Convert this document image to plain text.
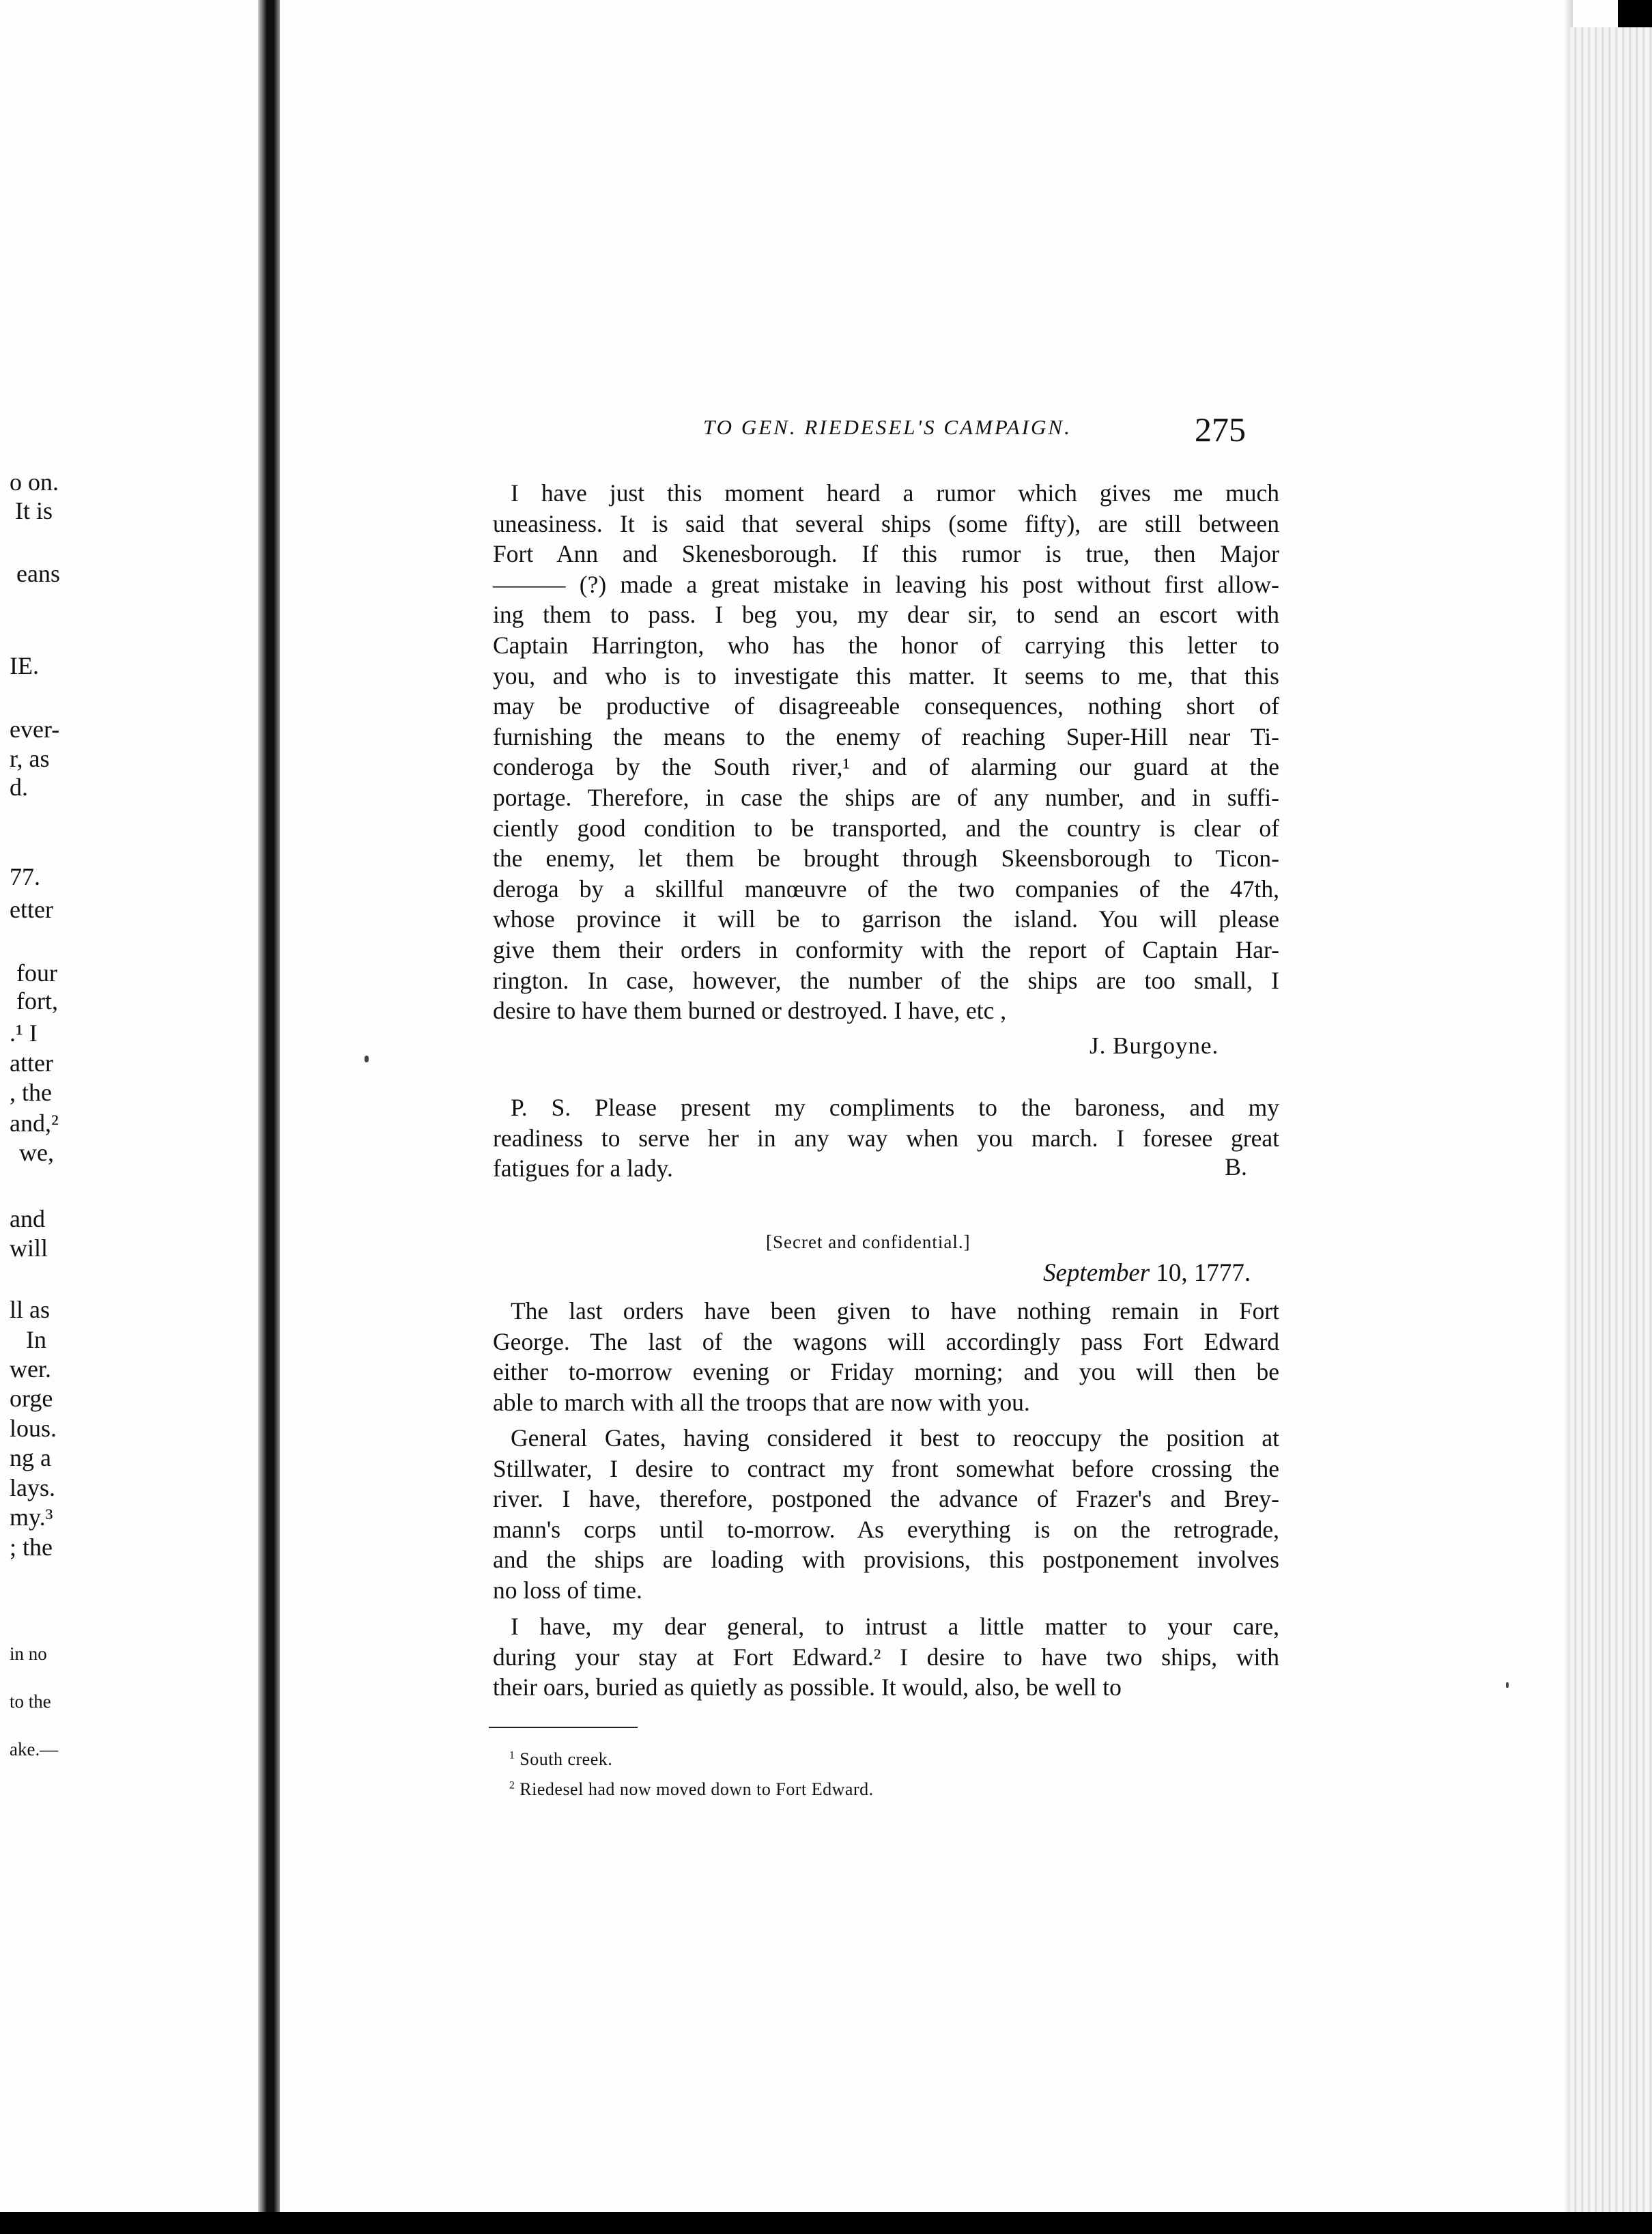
o on.
It is
eans
IE.
ever-
r, as
d.
77.
etter
four
fort,
.¹ I
atter
, the
and,²
we,
and
will
ll as
In
wer.
orge
lous.
ng a
lays.
my.³
; the
in no
to the
ake.—
TO GEN. RIEDESEL'S CAMPAIGN.	275
I have just this moment heard a rumor which gives me much
uneasiness. It is said that several ships (some fifty), are still between
Fort Ann and Skenesborough. If this rumor is true, then Major
——— (?) made a great mistake in leaving his post without first allow-
ing them to pass. I beg you, my dear sir, to send an escort with
Captain Harrington, who has the honor of carrying this letter to
you, and who is to investigate this matter. It seems to me, that this
may be productive of disagreeable consequences, nothing short of
furnishing the means to the enemy of reaching Super-Hill near Ti-
conderoga by the South river,¹ and of alarming our guard at the
portage. Therefore, in case the ships are of any number, and in suffi-
ciently good condition to be transported, and the country is clear of
the enemy, let them be brought through Skeensborough to Ticon-
deroga by a skillful manœuvre of the two companies of the 47th,
whose province it will be to garrison the island. You will please
give them their orders in conformity with the report of Captain Har-
rington. In case, however, the number of the ships are too small, I
desire to have them burned or destroyed. I have, etc ,
J. Burgoyne.
P. S. Please present my compliments to the baroness, and my
readiness to serve her in any way when you march. I foresee great
fatigues for a lady.	B.
[Secret and confidential.]
September 10, 1777.
The last orders have been given to have nothing remain in Fort
George. The last of the wagons will accordingly pass Fort Edward
either to-morrow evening or Friday morning; and you will then be
able to march with all the troops that are now with you.
General Gates, having considered it best to reoccupy the position at
Stillwater, I desire to contract my front somewhat before crossing the
river. I have, therefore, postponed the advance of Frazer's and Brey-
mann's corps until to-morrow. As everything is on the retrograde,
and the ships are loading with provisions, this postponement involves
no loss of time.
I have, my dear general, to intrust a little matter to your care,
during your stay at Fort Edward.² I desire to have two ships, with
their oars, buried as quietly as possible. It would, also, be well to
$^1$ South creek.
$^2$ Riedesel had now moved down to Fort Edward.
